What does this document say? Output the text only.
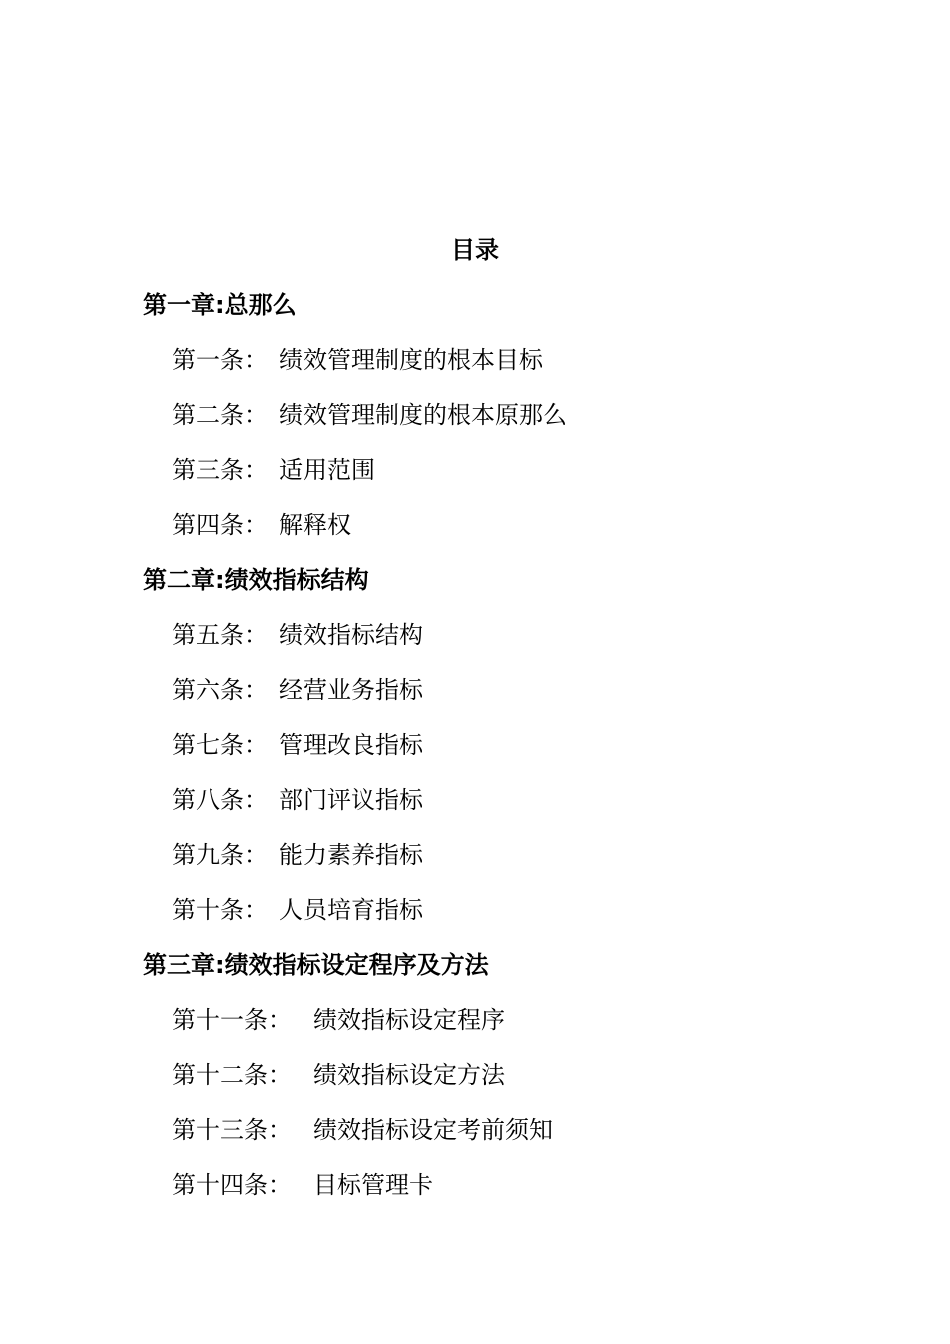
目录
第一章:总那么
第一条： 绩效管理制度的根本目标
第二条： 绩效管理制度的根本原那么
第三条： 适用范围
第四条： 解释权
第二章:绩效指标结构
第五条： 绩效指标结构
第六条： 经营业务指标
第七条： 管理改良指标
第八条： 部门评议指标
第九条： 能力素养指标
第十条： 人员培育指标
第三章:绩效指标设定程序及方法
第十一条： 绩效指标设定程序
第十二条： 绩效指标设定方法
第十三条： 绩效指标设定考前须知
第十四条： 目标管理卡
